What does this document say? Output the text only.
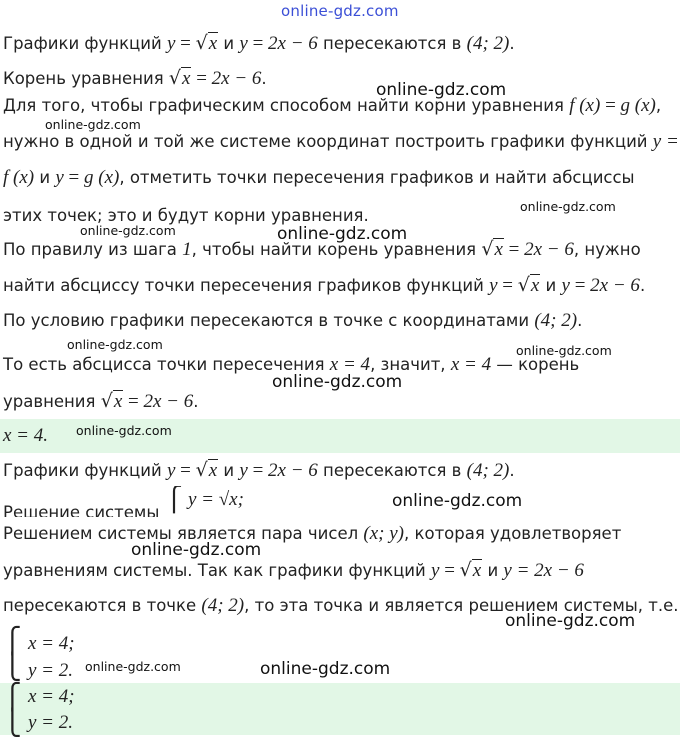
online-gdz.com
Графики функций y = √x и y = 2x − 6 пересекаются в (4; 2).
Корень уравнения √x = 2x − 6.
Для того, чтобы графическим способом найти корни уравнения f (x) = g (x),
нужно в одной и той же системе координат построить графики функций y =
f (x) и y = g (x), отметить точки пересечения графиков и найти абсциссы
этих точек; это и будут корни уравнения.
По правилу из шага 1, чтобы найти корень уравнения √x = 2x − 6, нужно
найти абсциссу точки пересечения графиков функций y = √x и y = 2x − 6.
По условию графики пересекаются в точке с координатами (4; 2).
То есть абсцисса точки пересечения x = 4, значит, x = 4 — корень
уравнения √x = 2x − 6.
x = 4.
Графики функций y = √x и y = 2x − 6 пересекаются в (4; 2).
Решение системы ⎧ y = √x;
Решением системы является пара чисел (x; y), которая удовлетворяет
уравнениям системы. Так как графики функций y = √x и y = 2x − 6
пересекаются в точке (4; 2), то эта точка и является решением системы, т.е.
⎧
⎩
x = 4;
y = 2.
⎧
⎩
x = 4;
y = 2.
online-gdz.com
online-gdz.com
online-gdz.com
online-gdz.com	online-gdz.com
online-gdz.com	online-gdz.com
online-gdz.com
online-gdz.com
online-gdz.com
online-gdz.com
online-gdz.com
online-gdz.com	online-gdz.com
